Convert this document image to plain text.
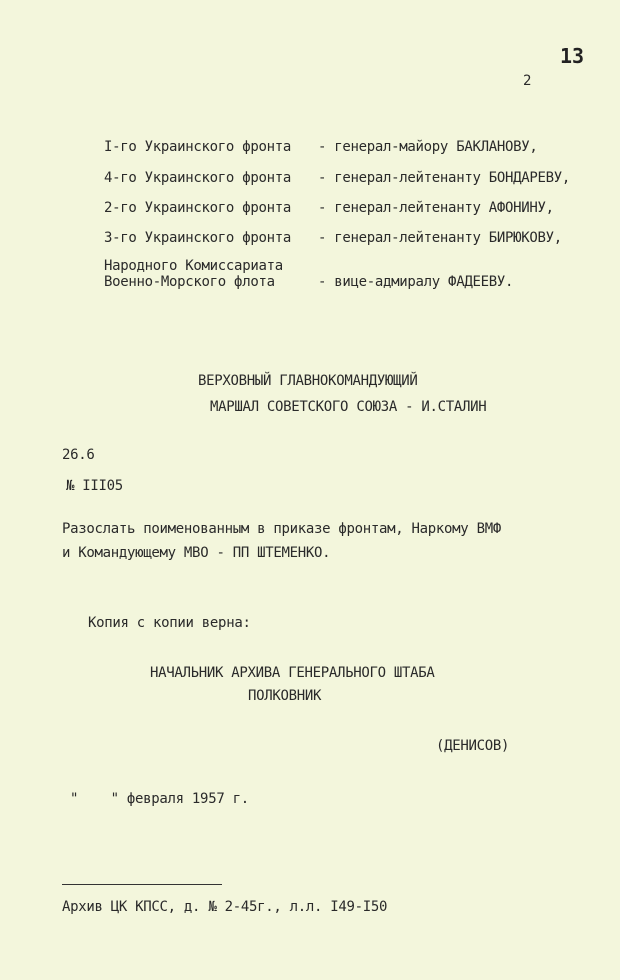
13
2
I-го Украинского фронта - генерал-майору БАКЛАНОВУ,
4-го Украинского фронта - генерал-лейтенанту БОНДАРЕВУ,
2-го Украинского фронта - генерал-лейтенанту АФОНИНУ,
3-го Украинского фронта - генерал-лейтенанту БИРЮКОВУ,
Народного Комиссариата
Военно-Морского флота	- вице-адмиралу ФАДЕЕВУ.
ВЕРХОВНЫЙ ГЛАВНОКОМАНДУЮЩИЙ
МАРШАЛ СОВЕТСКОГО СОЮЗА - И.СТАЛИН
26.6
№ III05
Разослать поименованным в приказе фронтам, Наркому ВМФ
и Командующему МВО - ПП ШТЕМЕНКО.
Копия с копии верна:
НАЧАЛЬНИК АРХИВА ГЕНЕРАЛЬНОГО ШТАБА
ПОЛКОВНИК
(ДЕНИСОВ)
"    " февраля 1957 г.
Архив ЦК КПСС, д. № 2-45г., л.л. I49-I50
